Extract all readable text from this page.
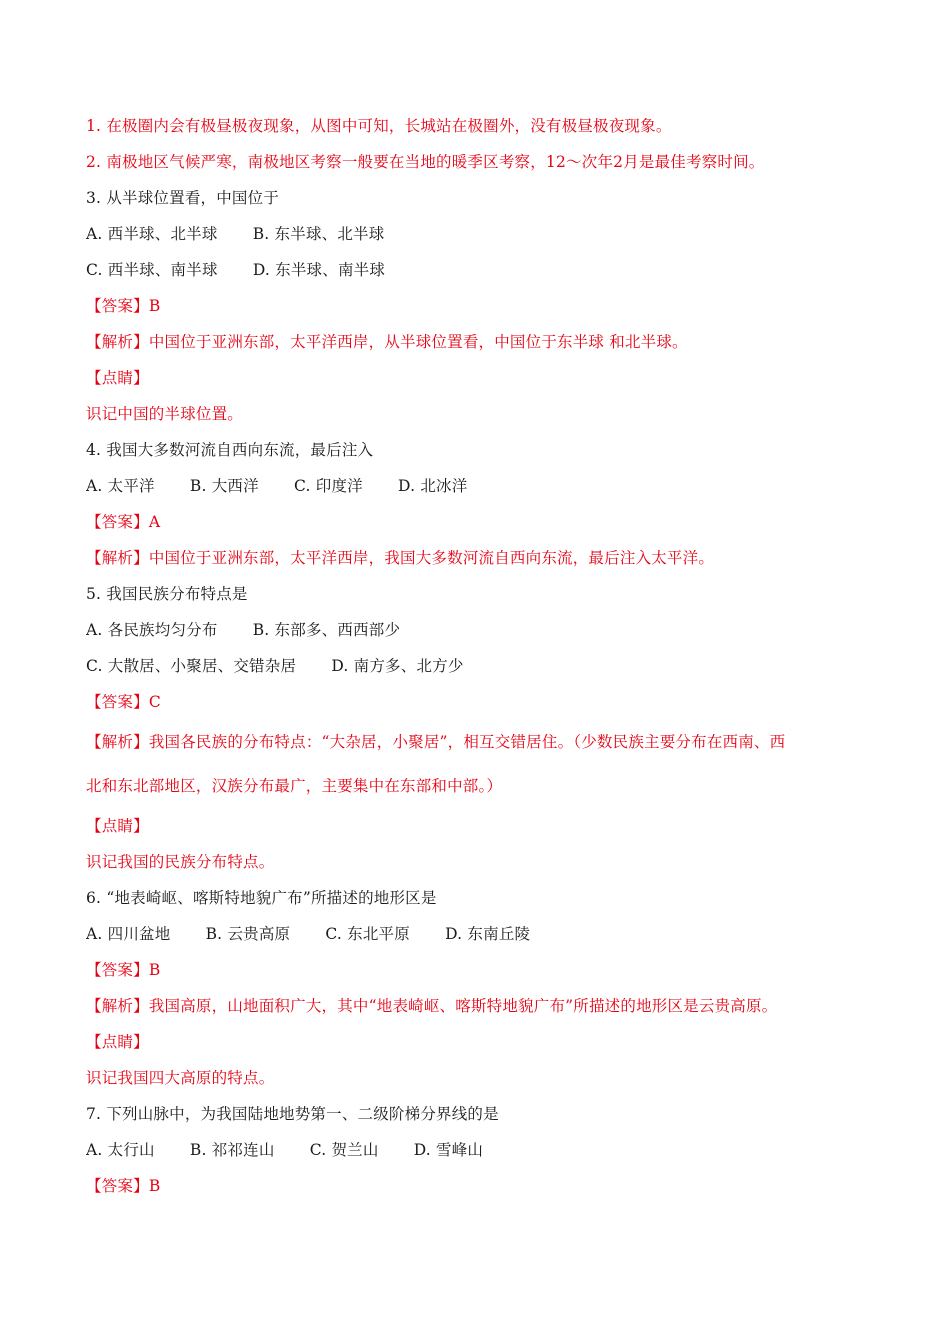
1. 在极圈内会有极昼极夜现象，从图中可知，长城站在极圈外，没有极昼极夜现象。
2. 南极地区气候严寒，南极地区考察一般要在当地的暖季区考察，12～次年2月是最佳考察时间。
3. 从半球位置看，中国位于
A. 西半球、北半球 B. 东半球、北半球
C. 西半球、南半球 D. 东半球、南半球
【答案】B
【解析】中国位于亚洲东部，太平洋西岸，从半球位置看，中国位于东半球 和北半球。
【点睛】
识记中国的半球位置。
4. 我国大多数河流自西向东流，最后注入
A. 太平洋 B. 大西洋 C. 印度洋 D. 北冰洋
【答案】A
【解析】中国位于亚洲东部，太平洋西岸，我国大多数河流自西向东流，最后注入太平洋。
5. 我国民族分布特点是
A. 各民族均匀分布 B. 东部多、西西部少
C. 大散居、小聚居、交错杂居 D. 南方多、北方少
【答案】C
【解析】我国各民族的分布特点：“大杂居，小聚居”，相互交错居住。（少数民族主要分布在西南、西
北和东北部地区，汉族分布最广，主要集中在东部和中部。）
【点睛】
识记我国的民族分布特点。
6. “地表崎岖、喀斯特地貌广布”所描述的地形区是
A. 四川盆地 B. 云贵高原 C. 东北平原 D. 东南丘陵
【答案】B
【解析】我国高原，山地面积广大，其中“地表崎岖、喀斯特地貌广布”所描述的地形区是云贵高原。
【点睛】
识记我国四大高原的特点。
7. 下列山脉中，为我国陆地地势第一、二级阶梯分界线的是
A. 太行山 B. 祁祁连山 C. 贺兰山 D. 雪峰山
【答案】B
